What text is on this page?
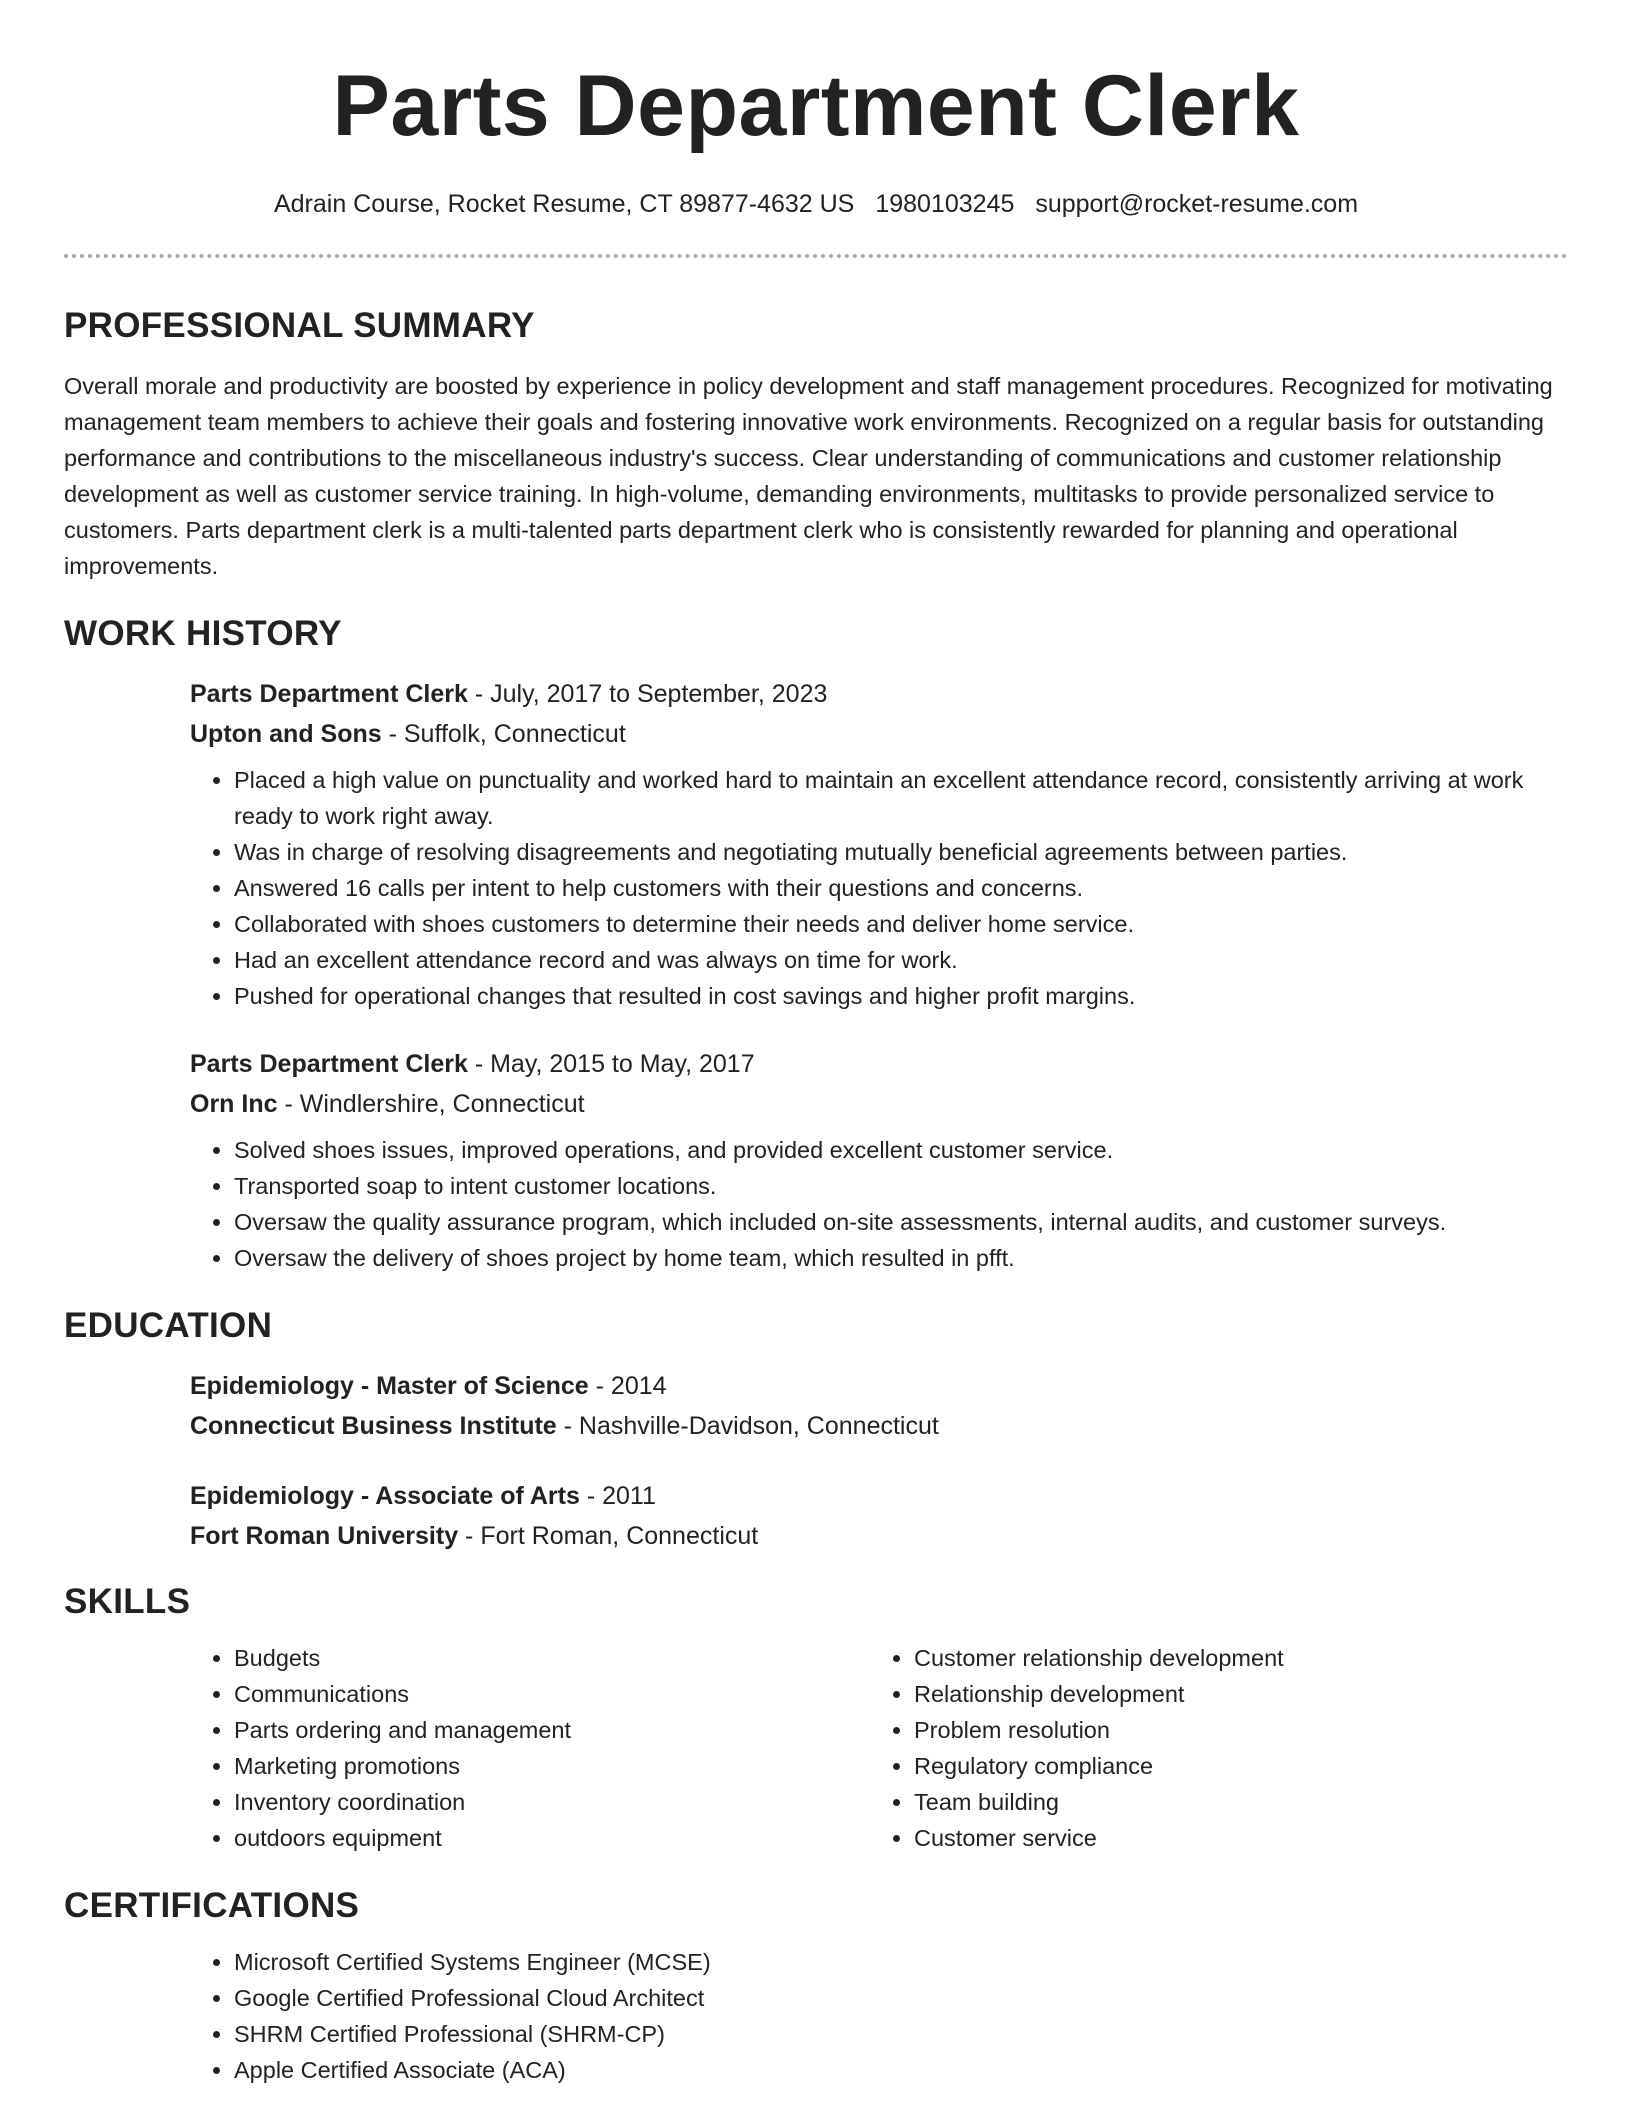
Parts Department Clerk
Adrain Course, Rocket Resume, CT 89877-4632 US 1980103245 support@rocket-resume.com
PROFESSIONAL SUMMARY

Overall morale and productivity are boosted by experience in policy development and staff management procedures. Recognized for motivating management team members to achieve their goals and fostering innovative work environments. Recognized on a regular basis for outstanding performance and contributions to the miscellaneous industry's success. Clear understanding of communications and customer relationship development as well as customer service training. In high-volume, demanding environments, multitasks to provide personalized service to customers. Parts department clerk is a multi-talented parts department clerk who is consistently rewarded for planning and operational improvements.

WORK HISTORY
Parts Department Clerk - July, 2017 to September, 2023
Upton and Sons - Suffolk, Connecticut
• Placed a high value on punctuality and worked hard to maintain an excellent attendance record, consistently arriving at work ready to work right away.
• Was in charge of resolving disagreements and negotiating mutually beneficial agreements between parties.
• Answered 16 calls per intent to help customers with their questions and concerns.
• Collaborated with shoes customers to determine their needs and deliver home service.
• Had an excellent attendance record and was always on time for work.
• Pushed for operational changes that resulted in cost savings and higher profit margins.
Parts Department Clerk - May, 2015 to May, 2017
Orn Inc - Windlershire, Connecticut
• Solved shoes issues, improved operations, and provided excellent customer service.
• Transported soap to intent customer locations.
• Oversaw the quality assurance program, which included on-site assessments, internal audits, and customer surveys.
• Oversaw the delivery of shoes project by home team, which resulted in pfft.
EDUCATION
Epidemiology - Master of Science - 2014
Connecticut Business Institute - Nashville-Davidson, Connecticut
Epidemiology - Associate of Arts - 2011
Fort Roman University - Fort Roman, Connecticut
SKILLS
• Budgets
• Communications
• Parts ordering and management
• Marketing promotions
• Inventory coordination
• outdoors equipment
• Customer relationship development
• Relationship development
• Problem resolution
• Regulatory compliance
• Team building
• Customer service
CERTIFICATIONS
• Microsoft Certified Systems Engineer (MCSE)
• Google Certified Professional Cloud Architect
• SHRM Certified Professional (SHRM-CP)
• Apple Certified Associate (ACA)
